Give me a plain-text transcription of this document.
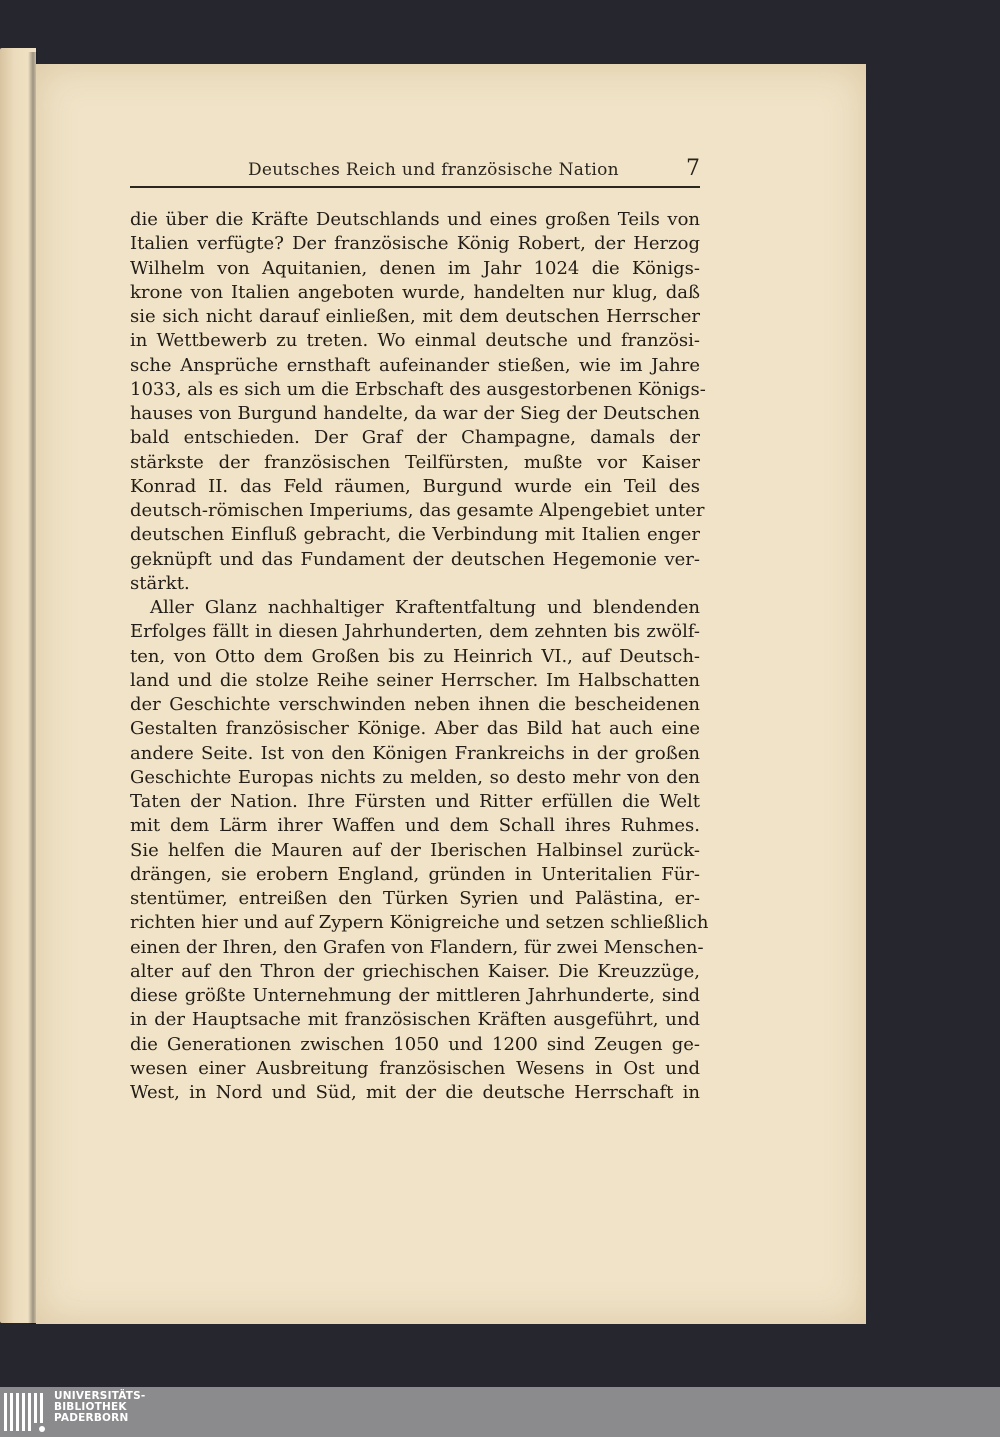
Deutsches Reich und französische Nation	7
die über die Kräfte Deutschlands und eines großen Teils von
Italien verfügte? Der französische König Robert, der Herzog
Wilhelm von Aquitanien, denen im Jahr 1024 die Königs-
krone von Italien angeboten wurde, handelten nur klug, daß
sie sich nicht darauf einließen, mit dem deutschen Herrscher
in Wettbewerb zu treten. Wo einmal deutsche und französi-
sche Ansprüche ernsthaft aufeinander stießen, wie im Jahre
1033, als es sich um die Erbschaft des ausgestorbenen Königs-
hauses von Burgund handelte, da war der Sieg der Deutschen
bald entschieden. Der Graf der Champagne, damals der
stärkste der französischen Teilfürsten, mußte vor Kaiser
Konrad II. das Feld räumen, Burgund wurde ein Teil des
deutsch-römischen Imperiums, das gesamte Alpengebiet unter
deutschen Einfluß gebracht, die Verbindung mit Italien enger
geknüpft und das Fundament der deutschen Hegemonie ver-
stärkt.
Aller Glanz nachhaltiger Kraftentfaltung und blendenden
Erfolges fällt in diesen Jahrhunderten, dem zehnten bis zwölf-
ten, von Otto dem Großen bis zu Heinrich VI., auf Deutsch-
land und die stolze Reihe seiner Herrscher. Im Halbschatten
der Geschichte verschwinden neben ihnen die bescheidenen
Gestalten französischer Könige. Aber das Bild hat auch eine
andere Seite. Ist von den Königen Frankreichs in der großen
Geschichte Europas nichts zu melden, so desto mehr von den
Taten der Nation. Ihre Fürsten und Ritter erfüllen die Welt
mit dem Lärm ihrer Waffen und dem Schall ihres Ruhmes.
Sie helfen die Mauren auf der Iberischen Halbinsel zurück-
drängen, sie erobern England, gründen in Unteritalien Für-
stentümer, entreißen den Türken Syrien und Palästina, er-
richten hier und auf Zypern Königreiche und setzen schließlich
einen der Ihren, den Grafen von Flandern, für zwei Menschen-
alter auf den Thron der griechischen Kaiser. Die Kreuzzüge,
diese größte Unternehmung der mittleren Jahrhunderte, sind
in der Hauptsache mit französischen Kräften ausgeführt, und
die Generationen zwischen 1050 und 1200 sind Zeugen ge-
wesen einer Ausbreitung französischen Wesens in Ost und
West, in Nord und Süd, mit der die deutsche Herrschaft in
UNIVERSITÄTS-
BIBLIOTHEK
PADERBORN
